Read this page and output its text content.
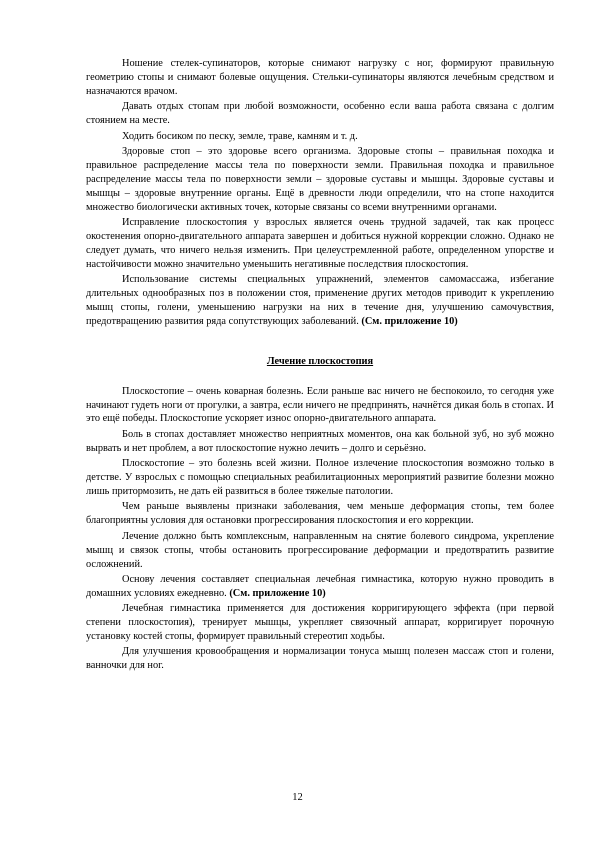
Ношение стелек-супинаторов, которые снимают нагрузку с ног, формируют правильную геометрию стопы и снимают болевые ощущения. Стельки-супинаторы являются лечебным средством и назначаются врачом.

Давать отдых стопам при любой возможности, особенно если ваша работа связана с долгим стоянием на месте.

Ходить босиком по песку, земле, траве, камням и т. д.

Здоровые стоп – это здоровье всего организма. Здоровые стопы – правильная походка и правильное распределение массы тела по поверхности земли. Правильная походка и правильное распределение массы тела по поверхности земли – здоровые суставы и мышцы. Здоровые суставы и мышцы – здоровые внутренние органы. Ещё в древности люди определили, что на стопе находится множество биологически активных точек, которые связаны со всеми внутренними органами.

Исправление плоскостопия у взрослых является очень трудной задачей, так как процесс окостенения опорно-двигательного аппарата завершен и добиться нужной коррекции сложно. Однако не следует думать, что ничего нельзя изменить. При целеустремленной работе, определенном упорстве и настойчивости можно значительно уменьшить негативные последствия плоскостопия.

Использование системы специальных упражнений, элементов самомассажа, избегание длительных однообразных поз в положении стоя, применение других методов приводит к укреплению мышц стопы, голени, уменьшению нагрузки на них в течение дня, улучшению самочувствия, предотвращению развития ряда сопутствующих заболеваний. (См. приложение 10)

Лечение плоскостопия

Плоскостопие – очень коварная болезнь. Если раньше вас ничего не беспокоило, то сегодня уже начинают гудеть ноги от прогулки, а завтра, если ничего не предпринять, начнётся дикая боль в стопах. И это ещё победы. Плоскостопие ускоряет износ опорно-двигательного аппарата.

Боль в стопах доставляет множество неприятных моментов, она как больной зуб, но зуб можно вырвать и нет проблем, а вот плоскостопие нужно лечить – долго и серьёзно.

Плоскостопие – это болезнь всей жизни. Полное излечение плоскостопия возможно только в детстве. У взрослых с помощью специальных реабилитационных мероприятий развитие болезни можно лишь притормозить, не дать ей развиться в более тяжелые патологии.

Чем раньше выявлены признаки заболевания, чем меньше деформация стопы, тем более благоприятны условия для остановки прогрессирования плоскостопия и его коррекции.

Лечение должно быть комплексным, направленным на снятие болевого синдрома, укрепление мышц и связок стопы, чтобы остановить прогрессирование деформации и предотвратить развитие осложнений.

Основу лечения составляет специальная лечебная гимнастика, которую нужно проводить в домашних условиях ежедневно. (См. приложение 10)

Лечебная гимнастика применяется для достижения корригирующего эффекта (при первой степени плоскостопия), тренирует мышцы, укрепляет связочный аппарат, корригирует порочную установку костей стопы, формирует правильный стереотип ходьбы.

Для улучшения кровообращения и нормализации тонуса мышц полезен массаж стоп и голени, ванночки для ног.

12
